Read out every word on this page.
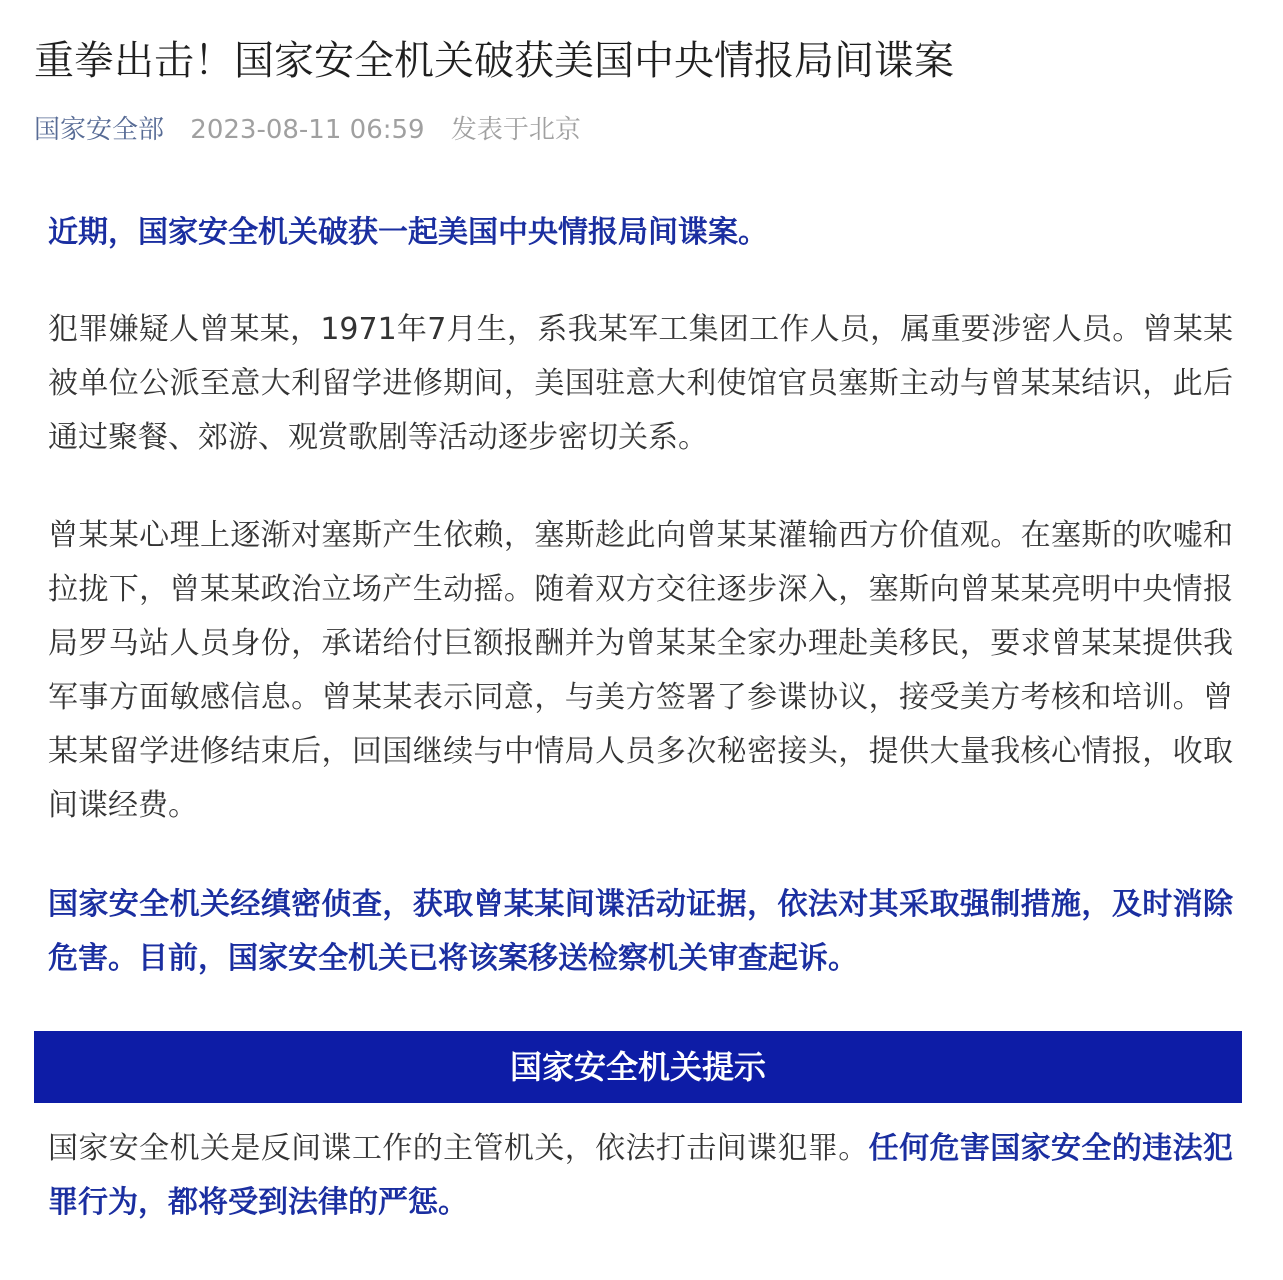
重拳出击！国家安全机关破获美国中央情报局间谍案
国家安全部 2023-08-11 06:59 发表于北京

近期，国家安全机关破获一起美国中央情报局间谍案。

犯罪嫌疑人曾某某，1971年7月生，系我某军工集团工作人员，属重要涉密人员。曾某某被单位公派至意大利留学进修期间，美国驻意大利使馆官员塞斯主动与曾某某结识，此后通过聚餐、郊游、观赏歌剧等活动逐步密切关系。

曾某某心理上逐渐对塞斯产生依赖，塞斯趁此向曾某某灌输西方价值观。在塞斯的吹嘘和拉拢下，曾某某政治立场产生动摇。随着双方交往逐步深入，塞斯向曾某某亮明中央情报局罗马站人员身份，承诺给付巨额报酬并为曾某某全家办理赴美移民，要求曾某某提供我军事方面敏感信息。曾某某表示同意，与美方签署了参谍协议，接受美方考核和培训。曾某某留学进修结束后，回国继续与中情局人员多次秘密接头，提供大量我核心情报，收取间谍经费。

国家安全机关经缜密侦查，获取曾某某间谍活动证据，依法对其采取强制措施，及时消除危害。目前，国家安全机关已将该案移送检察机关审查起诉。

国家安全机关提示

国家安全机关是反间谍工作的主管机关，依法打击间谍犯罪。任何危害国家安全的违法犯罪行为，都将受到法律的严惩。
